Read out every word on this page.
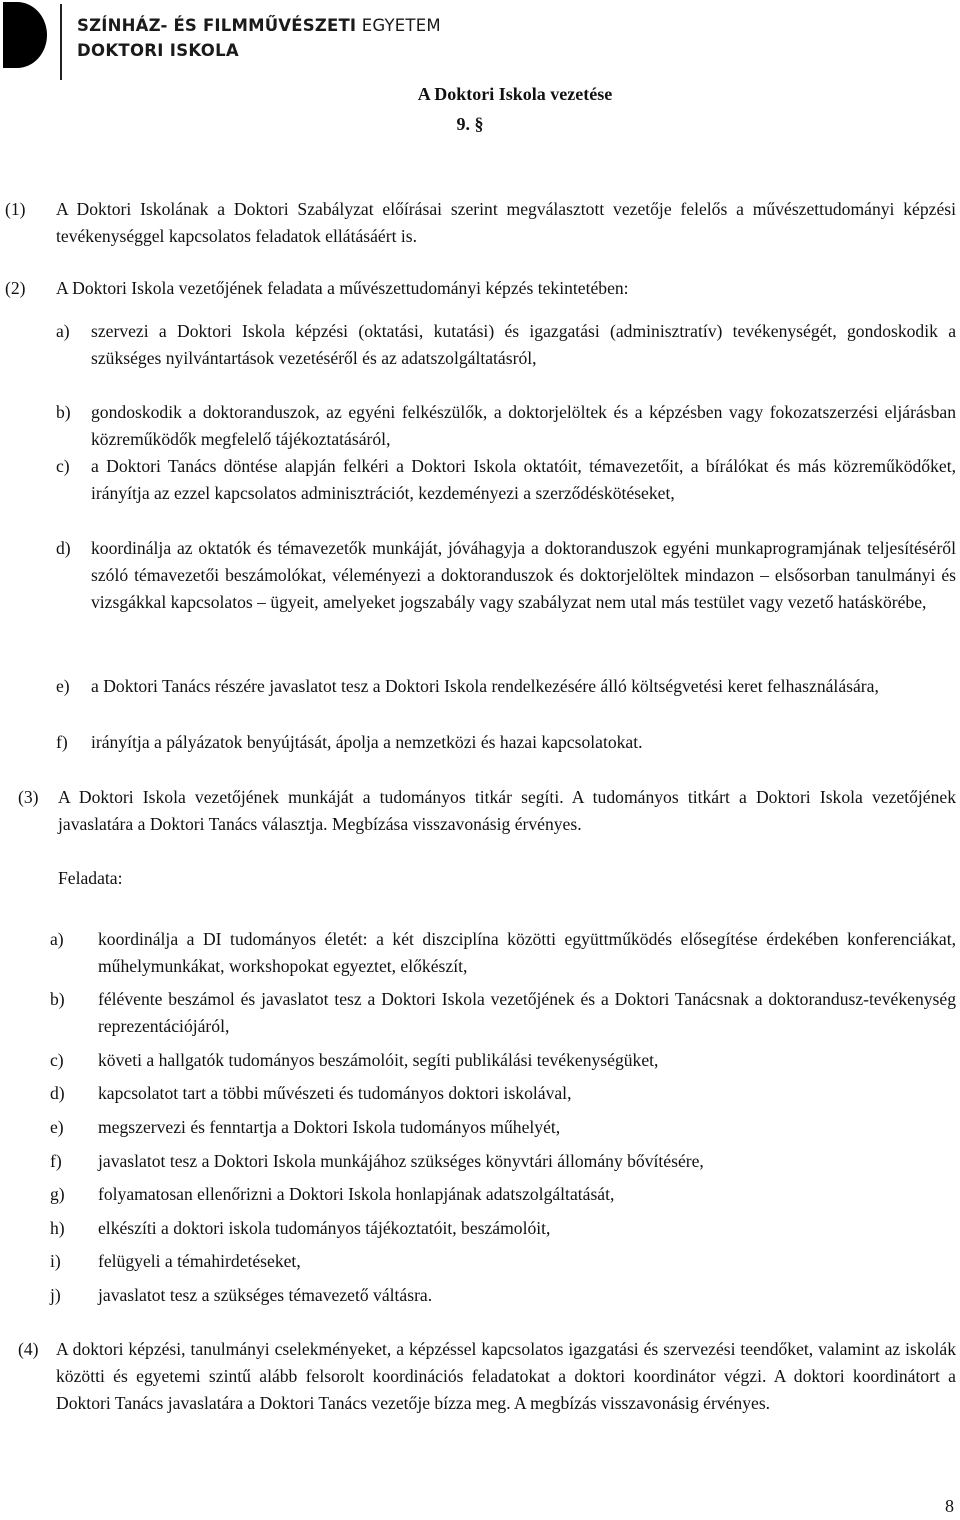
SZÍNHÁZ- ÉS FILMMŰVÉSZETI EGYETEM
DOKTORI ISKOLA
A Doktori Iskola vezetése
9. §
(1) A Doktori Iskolának a Doktori Szabályzat előírásai szerint megválasztott vezetője felelős a művészettudományi képzési tevékenységgel kapcsolatos feladatok ellátásáért is.
(2) A Doktori Iskola vezetőjének feladata a művészettudományi képzés tekintetében:
a) szervezi a Doktori Iskola képzési (oktatási, kutatási) és igazgatási (adminisztratív) tevékenységét, gondoskodik a szükséges nyilvántartások vezetéséről és az adatszolgáltatásról,
b) gondoskodik a doktoranduszok, az egyéni felkészülők, a doktorjelöltek és a képzésben vagy fokozatszerzési eljárásban közreműködők megfelelő tájékoztatásáról,
c) a Doktori Tanács döntése alapján felkéri a Doktori Iskola oktatóit, témavezetőit, a bírálókat és más közreműködőket, irányítja az ezzel kapcsolatos adminisztrációt, kezdeményezi a szerződéskötéseket,
d) koordinálja az oktatók és témavezetők munkáját, jóváhagyja a doktoranduszok egyéni munkaprogramjának teljesítéséről szóló témavezetői beszámolókat, véleményezi a doktoranduszok és doktorjelöltek mindazon – elsősorban tanulmányi és vizsgákkal kapcsolatos – ügyeit, amelyeket jogszabály vagy szabályzat nem utal más testület vagy vezető hatáskörébe,
e) a Doktori Tanács részére javaslatot tesz a Doktori Iskola rendelkezésére álló költségvetési keret felhasználására,
f) irányítja a pályázatok benyújtását, ápolja a nemzetközi és hazai kapcsolatokat.
(3) A Doktori Iskola vezetőjének munkáját a tudományos titkár segíti. A tudományos titkárt a Doktori Iskola vezetőjének javaslatára a Doktori Tanács választja. Megbízása visszavonásig érvényes.
Feladata:
a) koordinálja a DI tudományos életét: a két diszciplína közötti együttműködés elősegítése érdekében konferenciákat, műhelymunkákat, workshopokat egyeztet, előkészít,
b) félévente beszámol és javaslatot tesz a Doktori Iskola vezetőjének és a Doktori Tanácsnak a doktorandusz-tevékenység reprezentációjáról,
c) követi a hallgatók tudományos beszámolóit, segíti publikálási tevékenységüket,
d) kapcsolatot tart a többi művészeti és tudományos doktori iskolával,
e) megszervezi és fenntartja a Doktori Iskola tudományos műhelyét,
f) javaslatot tesz a Doktori Iskola munkájához szükséges könyvtári állomány bővítésére,
g) folyamatosan ellenőrizni a Doktori Iskola honlapjának adatszolgáltatását,
h) elkészíti a doktori iskola tudományos tájékoztatóit, beszámolóit,
i) felügyeli a témahirdetéseket,
j) javaslatot tesz a szükséges témavezető váltásra.
(4) A doktori képzési, tanulmányi cselekményeket, a képzéssel kapcsolatos igazgatási és szervezési teendőket, valamint az iskolák közötti és egyetemi szintű alább felsorolt koordinációs feladatokat a doktori koordinátor végzi. A doktori koordinátort a Doktori Tanács javaslatára a Doktori Tanács vezetője bízza meg. A megbízás visszavonásig érvényes.
8
